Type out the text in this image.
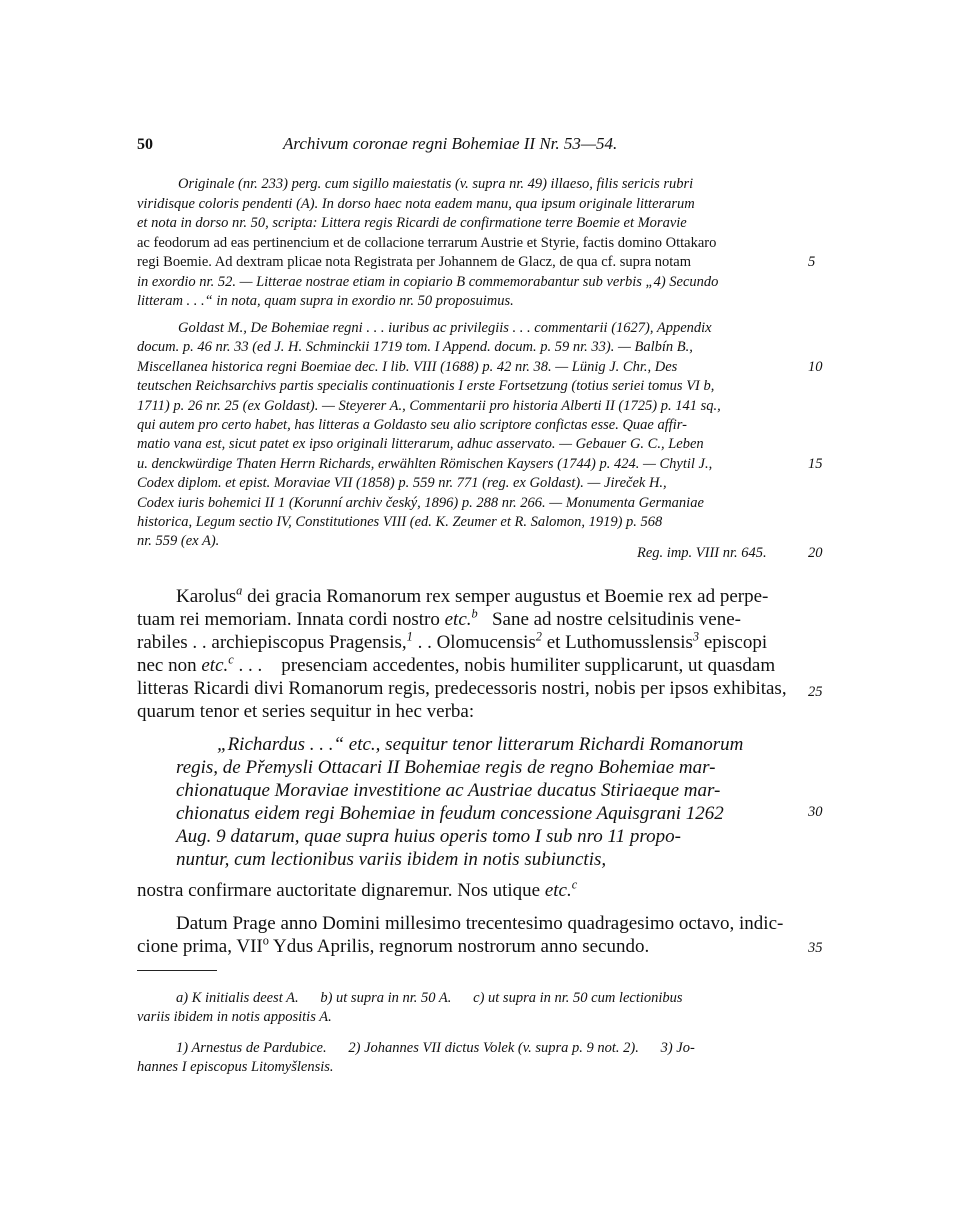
50	Archivum coronae regni Bohemiae II Nr. 53—54.
Originale (nr. 233) perg. cum sigillo maiestatis (v. supra nr. 49) illaeso, filis sericis rubri
viridisque coloris pendenti (A). In dorso haec nota eadem manu, qua ipsum originale litterarum
et nota in dorso nr. 50, scripta: Littera regis Ricardi de confirmatione terre Boemie et Moravie
ac feodorum ad eas pertinencium et de collacione terrarum Austrie et Styrie, factis domino Ottakaro
regi Boemie. Ad dextram plicae nota Registrata per Johannem de Glacz, de qua cf. supra notam
in exordio nr. 52. — Litterae nostrae etiam in copiario B commemorabantur sub verbis „4) Secundo
litteram . . .“ in nota, quam supra in exordio nr. 50 proposuimus.
5
Goldast M., De Bohemiae regni . . . iuribus ac privilegiis . . . commentarii (1627), Appendix
docum. p. 46 nr. 33 (ed J. H. Schminckii 1719 tom. I Append. docum. p. 59 nr. 33). — Balbín B.,
Miscellanea historica regni Boemiae dec. I lib. VIII (1688) p. 42 nr. 38. — Lünig J. Chr., Des
teutschen Reichsarchivs partis specialis continuationis I erste Fortsetzung (totius seriei tomus VI b,
1711) p. 26 nr. 25 (ex Goldast). — Steyerer A., Commentarii pro historia Alberti II (1725) p. 141 sq.,
qui autem pro certo habet, has litteras a Goldasto seu alio scriptore confictas esse. Quae affir-
matio vana est, sicut patet ex ipso originali litterarum, adhuc asservato. — Gebauer G. C., Leben
u. denckwürdige Thaten Herrn Richards, erwählten Römischen Kaysers (1744) p. 424. — Chytil J.,
Codex diplom. et epist. Moraviae VII (1858) p. 559 nr. 771 (reg. ex Goldast). — Jireček H.,
Codex iuris bohemici II 1 (Korunní archiv český, 1896) p. 288 nr. 266. — Monumenta Germaniae
historica, Legum sectio IV, Constitutiones VIII (ed. K. Zeumer et R. Salomon, 1919) p. 568
nr. 559 (ex A).
Reg. imp. VIII nr. 645.
10
15
20
Karolus$^a$ dei gracia Romanorum rex semper augustus et Boemie rex ad perpe-
tuam rei memoriam. Innata cordi nostro etc.$^b$ Sane ad nostre celsitudinis vene-
rabiles . . archiepiscopus Pragensis,$^1$ . . Olomucensis$^2$ et Luthomusslensis$^3$ episcopi
nec non etc.$^c$ . . . presenciam accedentes, nobis humiliter supplicarunt, ut quasdam
litteras Ricardi divi Romanorum regis, predecessoris nostri, nobis per ipsos exhibitas,
quarum tenor et series sequitur in hec verba:
25
„Richardus . . .“ etc., sequitur tenor litterarum Richardi Romanorum
regis, de Přemysli Ottacari II Bohemiae regis de regno Bohemiae mar-
chionatuque Moraviae investitione ac Austriae ducatus Stiriaeque mar-
chionatus eidem regi Bohemiae in feudum concessione Aquisgrani 1262
Aug. 9 datarum, quae supra huius operis tomo I sub nro 11 propo-
nuntur, cum lectionibus variis ibidem in notis subiunctis,
30
nostra confirmare auctoritate dignaremur. Nos utique etc.$^c$
Datum Prage anno Domini millesimo trecentesimo quadragesimo octavo, indic-
cione prima, VII$^o$ Ydus Aprilis, regnorum nostrorum anno secundo.	35
a) K initialis deest A.      b) ut supra in nr. 50 A.      c) ut supra in nr. 50 cum lectionibus
variis ibidem in notis appositis A.
1) Arnestus de Pardubice.      2) Johannes VII dictus Volek (v. supra p. 9 not. 2).      3) Jo-
hannes I episcopus Litomyšlensis.
